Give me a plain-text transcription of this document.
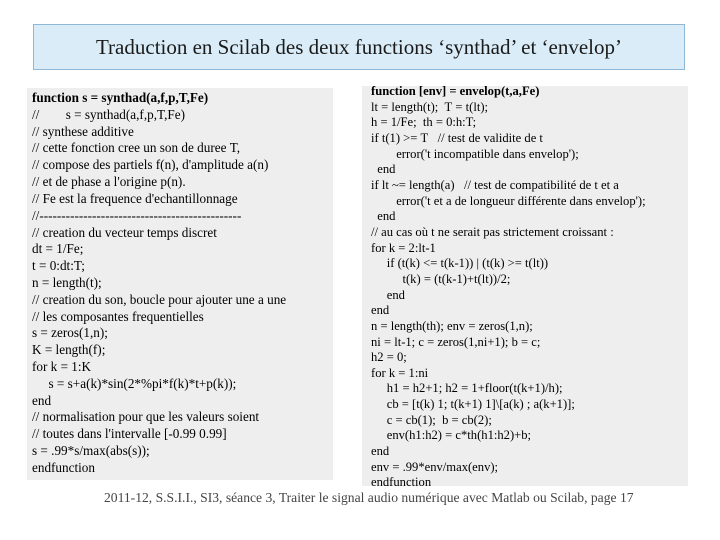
Traduction en Scilab des deux functions ‘synthad’ et ‘envelop’
function s = synthad(a,f,p,T,Fe)
//        s = synthad(a,f,p,T,Fe)
// synthese additive
// cette fonction cree un son de duree T,
// compose des partiels f(n), d'amplitude a(n)
// et de phase a l'origine p(n).
// Fe est la frequence d'echantillonnage
//----------------------------------------------
// creation du vecteur temps discret
dt = 1/Fe;
t = 0:dt:T;
n = length(t);
// creation du son, boucle pour ajouter une a une
// les composantes frequentielles
s = zeros(1,n);
K = length(f);
for k = 1:K
s = s+a(k)*sin(2*%pi*f(k)*t+p(k));
end
// normalisation pour que les valeurs soient
// toutes dans l'intervalle [-0.99 0.99]
s = .99*s/max(abs(s));
endfunction
function [env] = envelop(t,a,Fe)
lt = length(t);  T = t(lt);
h = 1/Fe;  th = 0:h:T;
if t(1) >= T   // test de validite de t
error('t incompatible dans envelop');
end
if lt ~= length(a)   // test de compatibilité de t et a
error('t et a de longueur différente dans envelop');
end
// au cas où t ne serait pas strictement croissant :
for k = 2:lt-1
if (t(k) <= t(k-1)) | (t(k) >= t(lt))
t(k) = (t(k-1)+t(lt))/2;
end
end
n = length(th); env = zeros(1,n);
ni = lt-1; c = zeros(1,ni+1); b = c;
h2 = 0;
for k = 1:ni
h1 = h2+1; h2 = 1+floor(t(k+1)/h);
cb = [t(k) 1; t(k+1) 1]\[a(k) ; a(k+1)];
c = cb(1);  b = cb(2);
env(h1:h2) = c*th(h1:h2)+b;
end
env = .99*env/max(env);
endfunction
2011-12, S.S.I.I., SI3, séance 3, Traiter le signal audio numérique avec Matlab ou Scilab, page 17
